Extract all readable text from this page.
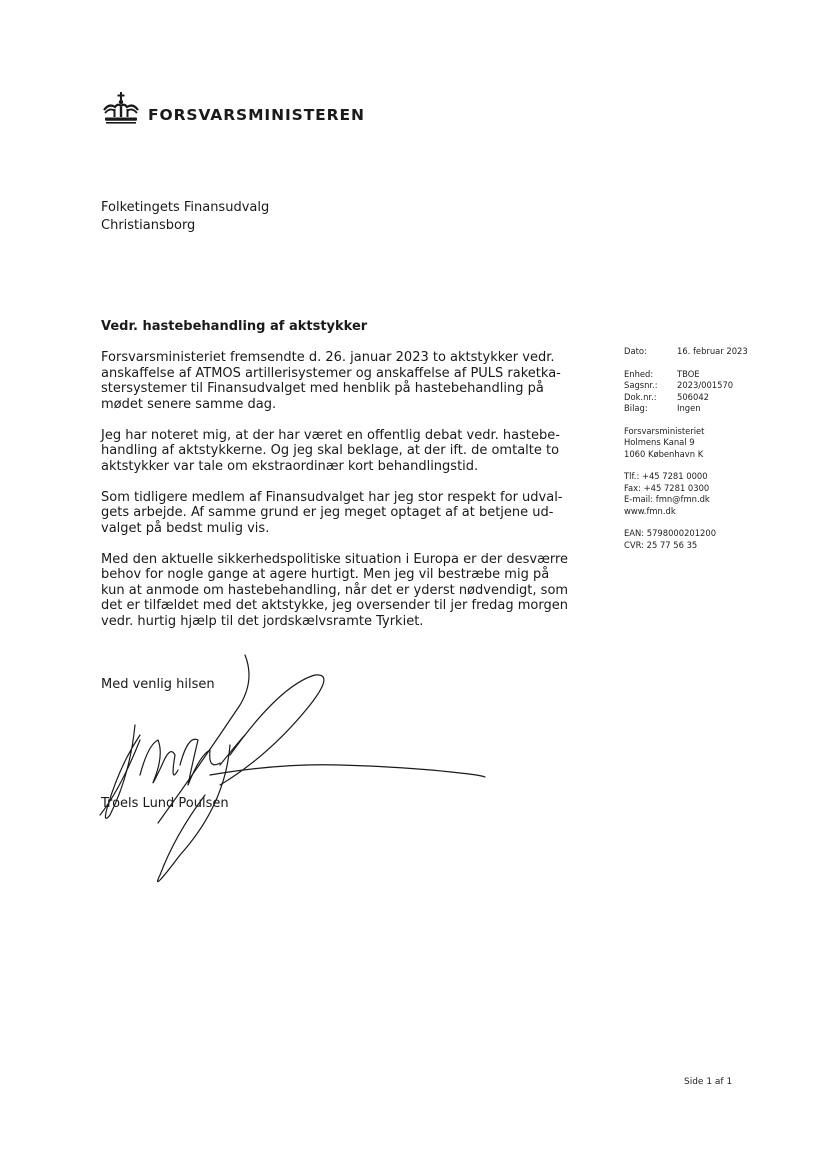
FORSVARSMINISTEREN
Folketingets Finansudvalg
Christiansborg
Vedr. hastebehandling af aktstykker

Forsvarsministeriet fremsendte d. 26. januar 2023 to aktstykker vedr.
anskaffelse af ATMOS artillerisystemer og anskaffelse af PULS raketka-
stersystemer til Finansudvalget med henblik på hastebehandling på
mødet senere samme dag.

Jeg har noteret mig, at der har været en offentlig debat vedr. hastebe-
handling af aktstykkerne. Og jeg skal beklage, at der ift. de omtalte to
aktstykker var tale om ekstraordinær kort behandlingstid.

Som tidligere medlem af Finansudvalget har jeg stor respekt for udval-
gets arbejde. Af samme grund er jeg meget optaget af at betjene ud-
valget på bedst mulig vis.

Med den aktuelle sikkerhedspolitiske situation i Europa er der desværre
behov for nogle gange at agere hurtigt. Men jeg vil bestræbe mig på
kun at anmode om hastebehandling, når det er yderst nødvendigt, som
det er tilfældet med det aktstykke, jeg oversender til jer fredag morgen
vedr. hurtig hjælp til det jordskælvsramte Tyrkiet.

Med venlig hilsen
Troels Lund Poulsen
Dato:	16. februar 2023
Enhed:	TBOE
Sagsnr.:	2023/001570
Dok.nr.:	506042
Bilag:	Ingen
Forsvarsministeriet
Holmens Kanal 9
1060 København K
Tlf.: +45 7281 0000
Fax: +45 7281 0300
E-mail: fmn@fmn.dk
www.fmn.dk
EAN: 5798000201200
CVR: 25 77 56 35
Side 1 af 1
